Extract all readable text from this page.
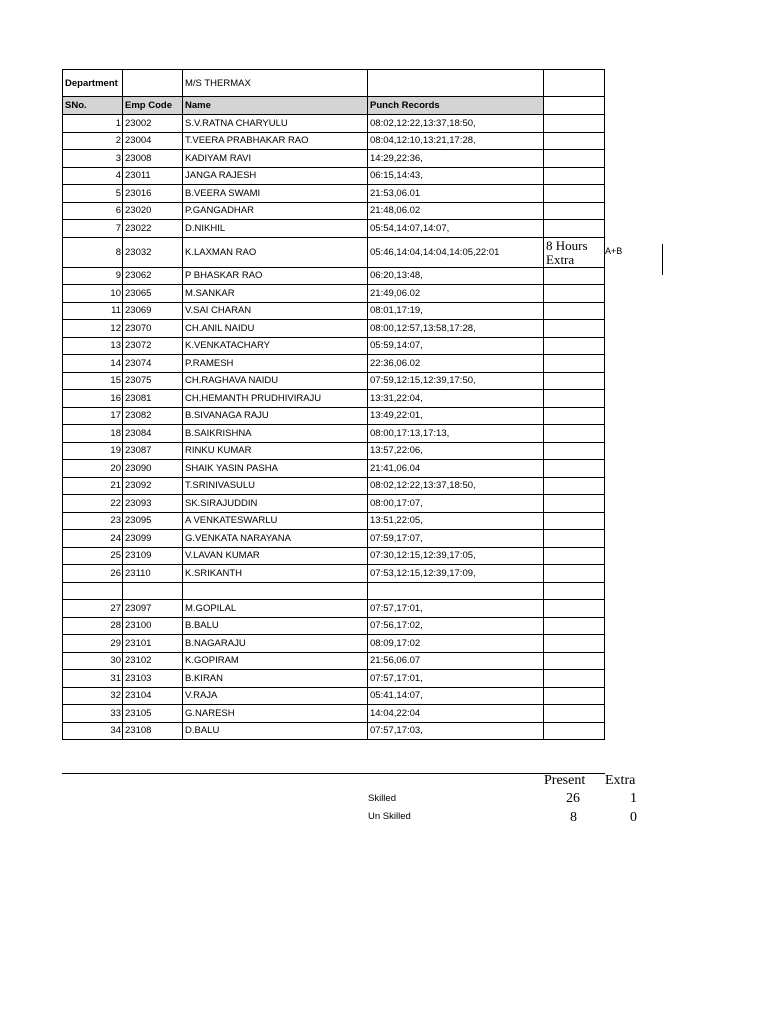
Department		M/S THERMAX		
SNo.	Emp Code	Name	Punch Records	
1	23002	S.V.RATNA CHARYULU	08:02,12:22,13:37,18:50,	
2	23004	T.VEERA PRABHAKAR RAO	08:04,12:10,13:21,17:28,	
3	23008	KADIYAM RAVI	14:29,22:36,	
4	23011	JANGA RAJESH	06:15,14:43,	
5	23016	B.VEERA SWAMI	21:53,06.01	
6	23020	P.GANGADHAR	21:48,06.02	
7	23022	D.NIKHIL	05:54,14:07,14:07,	
8	23032	K.LAXMAN RAO	05:46,14:04,14:04,14:05,22:01	8 Hours Extra
9	23062	P BHASKAR RAO	06:20,13:48,	
10	23065	M.SANKAR	21:49,06.02	
11	23069	V.SAI CHARAN	08:01,17:19,	
12	23070	CH.ANIL NAIDU	08:00,12:57,13:58,17:28,	
13	23072	K.VENKATACHARY	05:59,14:07,	
14	23074	P.RAMESH	22:36,06.02	
15	23075	CH.RAGHAVA NAIDU	07:59,12:15,12:39,17:50,	
16	23081	CH.HEMANTH PRUDHIVIRAJU	13:31,22:04,	
17	23082	B.SIVANAGA RAJU	13:49,22:01,	
18	23084	B.SAIKRISHNA	08:00,17:13,17:13,	
19	23087	RINKU KUMAR	13:57,22:06,	
20	23090	SHAIK YASIN PASHA	21:41,06.04	
21	23092	T.SRINIVASULU	08:02,12:22,13:37,18:50,	
22	23093	SK.SIRAJUDDIN	08:00,17:07,	
23	23095	A VENKATESWARLU	13:51,22:05,	
24	23099	G.VENKATA NARAYANA	07:59,17:07,	
25	23109	V.LAVAN KUMAR	07:30,12:15,12:39,17:05,	
26	23110	K.SRIKANTH	07:53,12:15,12:39,17:09,	

27	23097	M.GOPILAL	07:57,17:01,	
28	23100	B.BALU	07:56,17:02,	
29	23101	B.NAGARAJU	08:09,17:02	
30	23102	K.GOPIRAM	21:56,06.07	
31	23103	B.KIRAN	07:57,17:01,	
32	23104	V.RAJA	05:41,14:07,	
33	23105	G.NARESH	14:04,22:04	
34	23108	D.BALU	07:57,17:03,	
A+B
Present Extra
Skilled	26	1
Un Skilled	8	0
